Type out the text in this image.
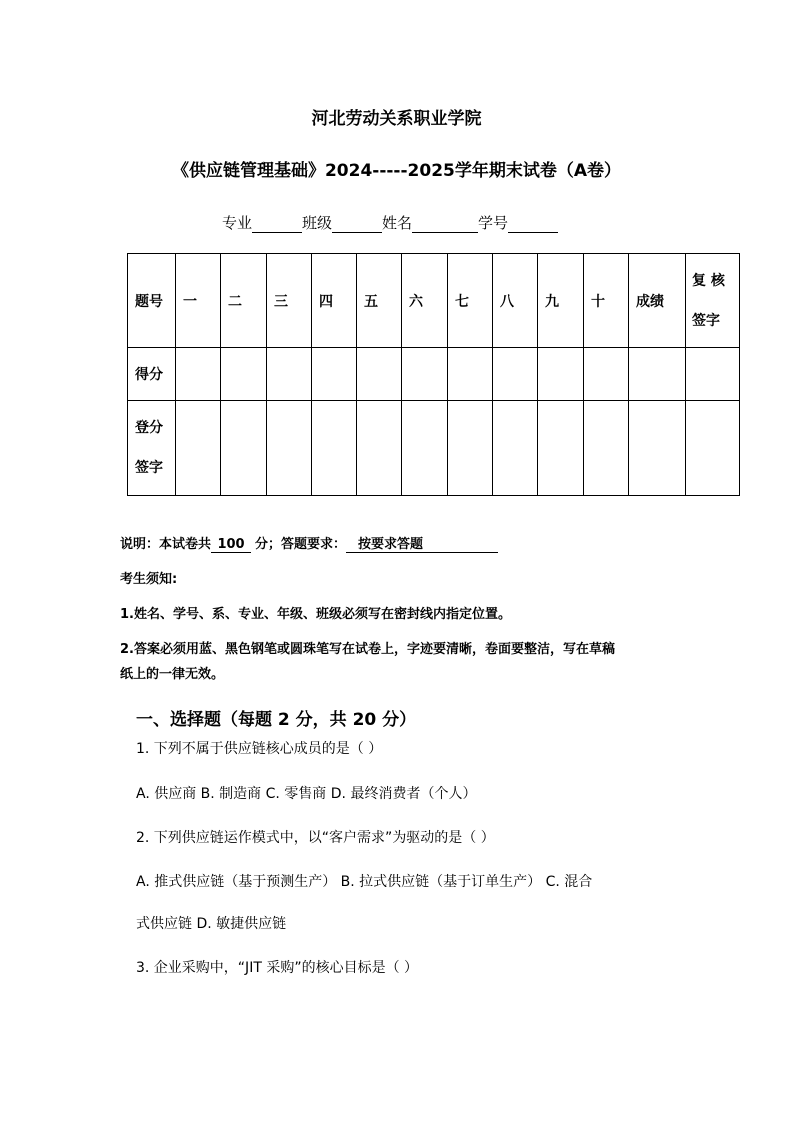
河北劳动关系职业学院
《供应链管理基础》2024-----2025学年期末试卷（A卷）
专业	班级	姓名	学号
题号	一	二	三	四	五	六	七	八	九	十	成绩	复 核
签字

得分												

登分
签字												

说明：本试卷共 100 分；答题要求： 按要求答题
考生须知:
1.姓名、学号、系、专业、年级、班级必须写在密封线内指定位置。
2.答案必须用蓝、黑色钢笔或圆珠笔写在试卷上，字迹要清晰，卷面要整洁，写在草稿
纸上的一律无效。
一、选择题（每题 2 分，共 20 分）
1. 下列不属于供应链核心成员的是（ ）
A. 供应商 B. 制造商 C. 零售商 D. 最终消费者（个人）
2. 下列供应链运作模式中，以“客户需求”为驱动的是（ ）
A. 推式供应链（基于预测生产） B. 拉式供应链（基于订单生产） C. 混合
式供应链 D. 敏捷供应链
3. 企业采购中，“JIT 采购”的核心目标是（ ）
